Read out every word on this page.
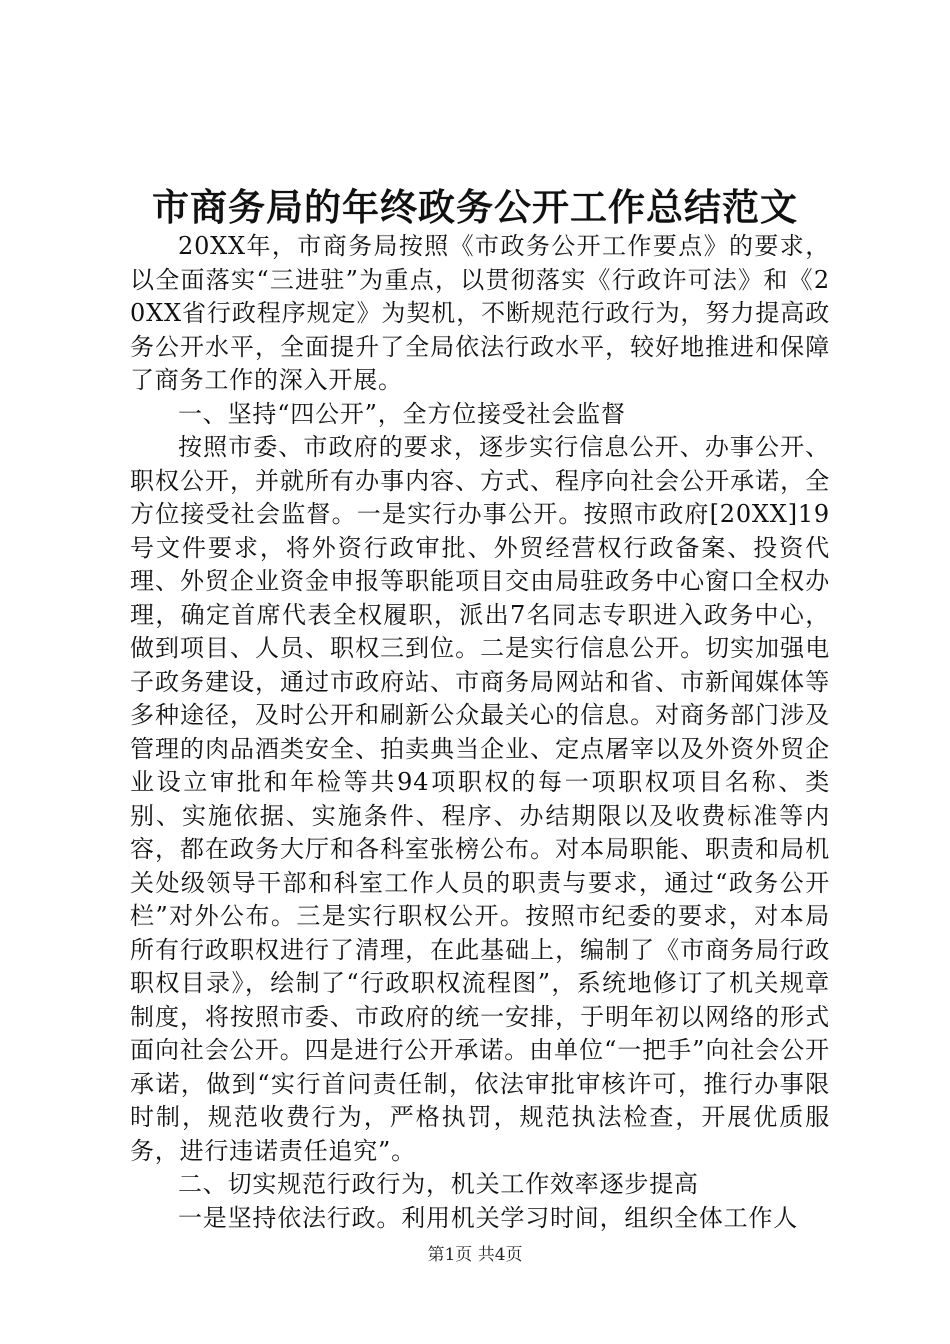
市商务局的年终政务公开工作总结范文

20XX年，市商务局按照《市政务公开工作要点》的要求，以全面落实“三进驻”为重点，以贯彻落实《行政许可法》和《20XX省行政程序规定》为契机，不断规范行政行为，努力提高政务公开水平，全面提升了全局依法行政水平，较好地推进和保障了商务工作的深入开展。

一、坚持“四公开”，全方位接受社会监督

按照市委、市政府的要求，逐步实行信息公开、办事公开、职权公开，并就所有办事内容、方式、程序向社会公开承诺，全方位接受社会监督。一是实行办事公开。按照市政府[20XX]19号文件要求，将外资行政审批、外贸经营权行政备案、投资代理、外贸企业资金申报等职能项目交由局驻政务中心窗口全权办理，确定首席代表全权履职，派出7名同志专职进入政务中心，做到项目、人员、职权三到位。二是实行信息公开。切实加强电子政务建设，通过市政府站、市商务局网站和省、市新闻媒体等多种途径，及时公开和刷新公众最关心的信息。对商务部门涉及管理的肉品酒类安全、拍卖典当企业、定点屠宰以及外资外贸企业设立审批和年检等共94项职权的每一项职权项目名称、类别、实施依据、实施条件、程序、办结期限以及收费标准等内容，都在政务大厅和各科室张榜公布。对本局职能、职责和局机关处级领导干部和科室工作人员的职责与要求，通过“政务公开栏”对外公布。三是实行职权公开。按照市纪委的要求，对本局所有行政职权进行了清理，在此基础上，编制了《市商务局行政职权目录》，绘制了“行政职权流程图”，系统地修订了机关规章制度，将按照市委、市政府的统一安排，于明年初以网络的形式面向社会公开。四是进行公开承诺。由单位“一把手”向社会公开承诺，做到“实行首问责任制，依法审批审核许可，推行办事限时制，规范收费行为，严格执罚，规范执法检查，开展优质服务，进行违诺责任追究”。

二、切实规范行政行为，机关工作效率逐步提高

一是坚持依法行政。利用机关学习时间，组织全体工作人

第1页 共4页
